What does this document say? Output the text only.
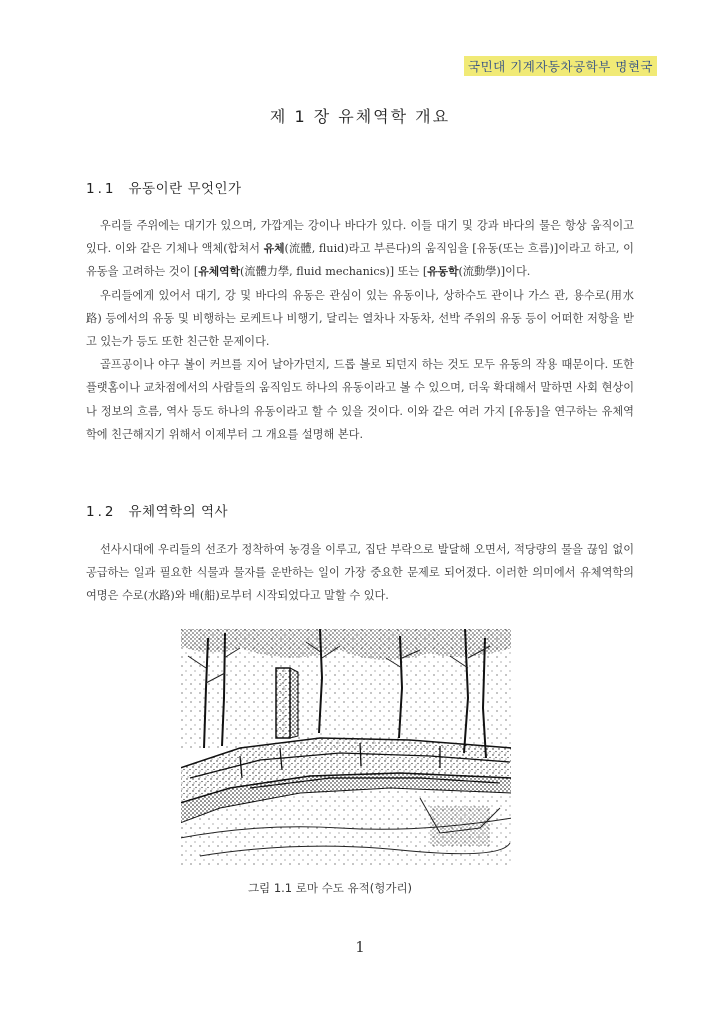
국민대 기계자동차공학부 명현국
제 1 장 유체역학 개요
1.1 유동이란 무엇인가

우리들 주위에는 대기가 있으며, 가깝게는 강이나 바다가 있다. 이들 대기 및 강과 바다의 물은 항상 움직이고 있다. 이와 같은 기체나 액체(합쳐서 유체(流體, fluid)라고 부른다)의 움직임을 [유동(또는 흐름)]이라고 하고, 이 유동을 고려하는 것이 [유체역학(流體力學, fluid mechanics)] 또는 [유동학(流動學)]이다.

우리들에게 있어서 대기, 강 및 바다의 유동은 관심이 있는 유동이나, 상하수도 관이나 가스 관, 용수로(用水路) 등에서의 유동 및 비행하는 로케트나 비행기, 달리는 열차나 자동차, 선박 주위의 유동 등이 어떠한 저항을 받고 있는가 등도 또한 친근한 문제이다.

골프공이나 야구 볼이 커브를 지어 날아가던지, 드롭 볼로 되던지 하는 것도 모두 유동의 작용 때문이다. 또한 플랫홈이나 교차점에서의 사람들의 움직임도 하나의 유동이라고 볼 수 있으며, 더욱 확대해서 말하면 사회 현상이나 정보의 흐름, 역사 등도 하나의 유동이라고 할 수 있을 것이다. 이와 같은 여러 가지 [유동]을 연구하는 유체역학에 친근해지기 위해서 이제부터 그 개요를 설명해 본다.

1.2 유체역학의 역사

선사시대에 우리들의 선조가 정착하여 농경을 이루고, 집단 부락으로 발달해 오면서, 적당량의 물을 끊임 없이 공급하는 일과 필요한 식물과 물자를 운반하는 일이 가장 중요한 문제로 되어졌다. 이러한 의미에서 유체역학의 여명은 수로(水路)와 배(船)로부터 시작되었다고 말할 수 있다.

그림 1.1 로마 수도 유적(헝가리)
1
